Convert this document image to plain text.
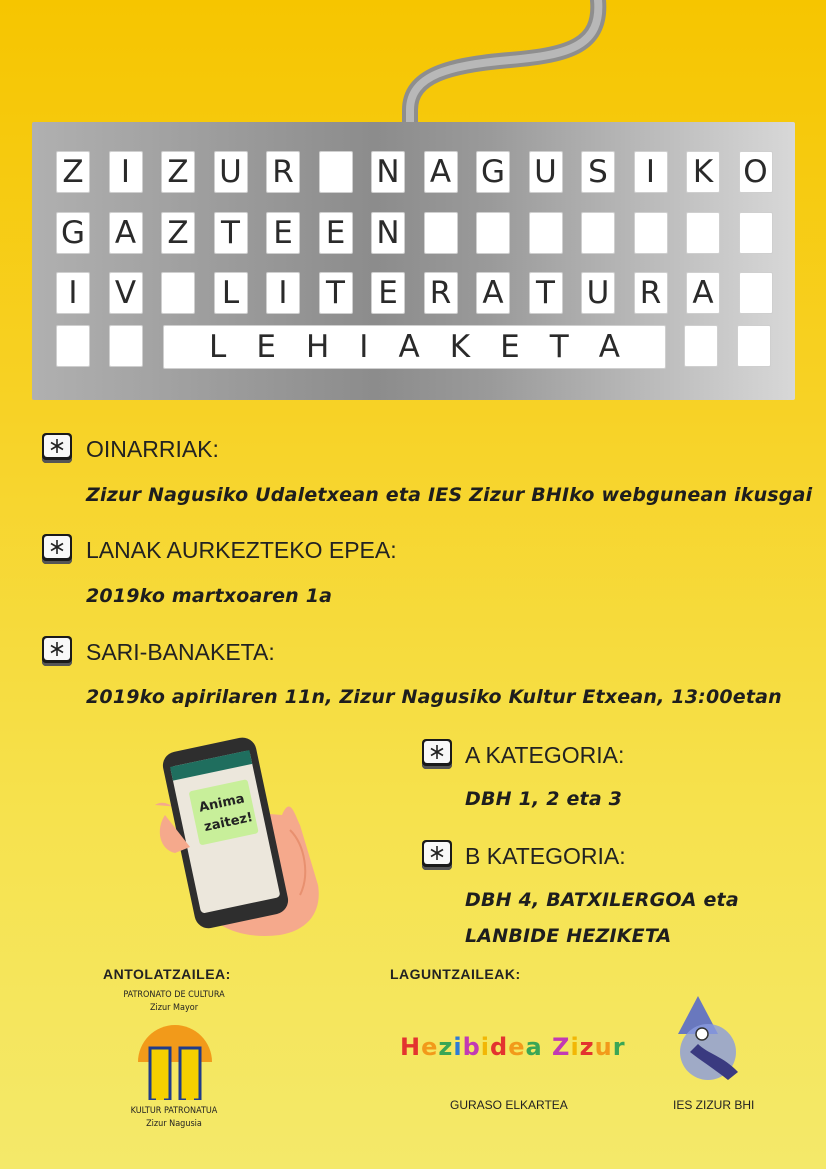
Z	I	Z U R	N A G U S	I	K O
G A Z T E E N
I	V	L	I	T E R A T U R A
L E H I A K E T A
OINARRIAK:
Zizur Nagusiko Udaletxean eta IES Zizur BHIko webgunean ikusgai
LANAK AURKEZTEKO EPEA:
2019ko martxoaren 1a
SARI-BANAKETA:
2019ko apirilaren 11n, Zizur Nagusiko Kultur Etxean, 13:00etan
Anima
zaitez!
A KATEGORIA:
DBH 1, 2 eta 3
B KATEGORIA:
DBH 4, BATXILERGOA eta
LANBIDE HEZIKETA
ANTOLATZAILEA:
PATRONATO DE CULTURA
Zizur Mayor
KULTUR PATRONATUA
Zizur Nagusia
LAGUNTZAILEAK:
Hezibidea Zizur
GURASO ELKARTEA	IES ZIZUR BHI
